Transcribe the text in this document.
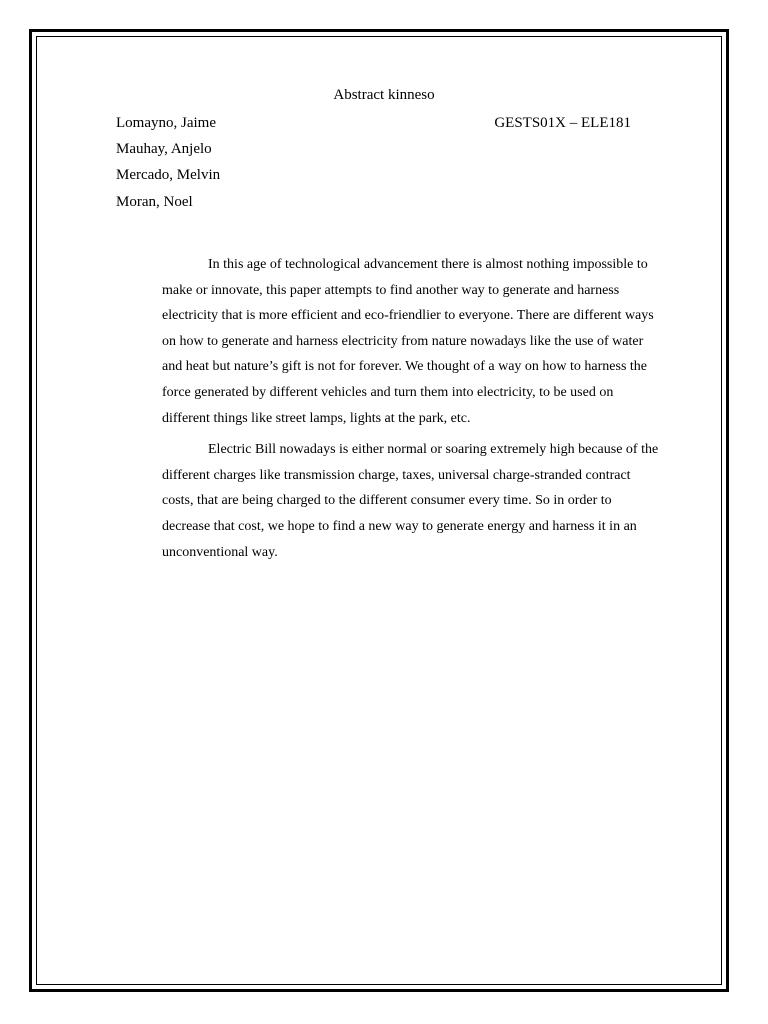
Abstract kinneso
Lomayno, Jaime	GESTS01X – ELE181
Mauhay, Anjelo
Mercado, Melvin
Moran, Noel

In this age of technological advancement there is almost nothing impossible to make or innovate, this paper attempts to find another way to generate and harness electricity that is more efficient and eco-friendlier to everyone. There are different ways on how to generate and harness electricity from nature nowadays like the use of water and heat but nature’s gift is not for forever. We thought of a way on how to harness the force generated by different vehicles and turn them into electricity, to be used on different things like street lamps, lights at the park, etc.

Electric Bill nowadays is either normal or soaring extremely high because of the different charges like transmission charge, taxes, universal charge-stranded contract costs, that are being charged to the different consumer every time. So in order to decrease that cost, we hope to find a new way to generate energy and harness it in an unconventional way.
